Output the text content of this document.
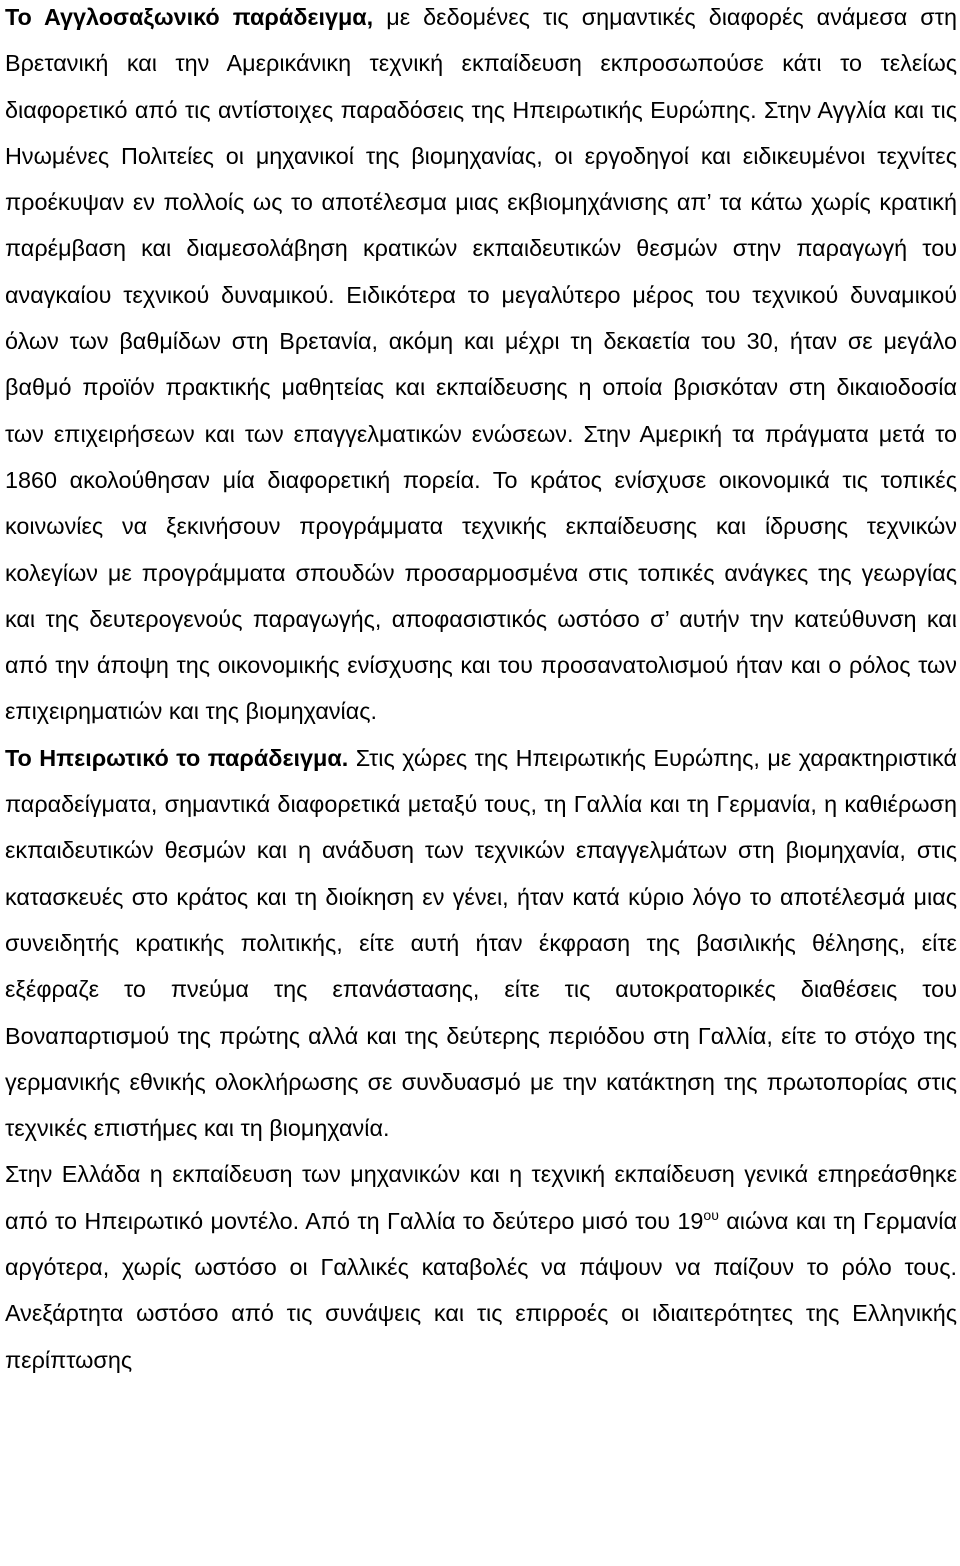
Το Αγγλοσαξωνικό παράδειγμα, με δεδομένες τις σημαντικές διαφορές ανάμεσα στη Βρετανική και την Αμερικάνικη τεχνική εκπαίδευση εκπροσωπούσε κάτι το τελείως διαφορετικό από τις αντίστοιχες παραδόσεις της Ηπειρωτικής Ευρώπης. Στην Αγγλία και τις Ηνωμένες Πολιτείες οι μηχανικοί της βιομηχανίας, οι εργοδηγοί και ειδικευμένοι τεχνίτες προέκυψαν εν πολλοίς ως το αποτέλεσμα μιας εκβιομηχάνισης απ’ τα κάτω χωρίς κρατική παρέμβαση και διαμεσολάβηση κρατικών εκπαιδευτικών θεσμών στην παραγωγή του αναγκαίου τεχνικού δυναμικού. Ειδικότερα το μεγαλύτερο μέρος του τεχνικού δυναμικού όλων των βαθμίδων στη Βρετανία, ακόμη και μέχρι τη δεκαετία του 30, ήταν σε μεγάλο βαθμό προϊόν πρακτικής μαθητείας και εκπαίδευσης η οποία βρισκόταν στη δικαιοδοσία των επιχειρήσεων και των επαγγελματικών ενώσεων. Στην Αμερική τα πράγματα μετά το 1860 ακολούθησαν μία διαφορετική πορεία. Το κράτος ενίσχυσε οικονομικά τις τοπικές κοινωνίες να ξεκινήσουν προγράμματα τεχνικής εκπαίδευσης και ίδρυσης τεχνικών κολεγίων με προγράμματα σπουδών προσαρμοσμένα στις τοπικές ανάγκες της γεωργίας και της δευτερογενούς παραγωγής, αποφασιστικός ωστόσο σ’ αυτήν την κατεύθυνση και από την άποψη της οικονομικής ενίσχυσης και του προσανατολισμού ήταν και ο ρόλος των επιχειρηματιών και της βιομηχανίας.

Το Ηπειρωτικό το παράδειγμα. Στις χώρες της Ηπειρωτικής Ευρώπης, με χαρακτηριστικά παραδείγματα, σημαντικά διαφορετικά μεταξύ τους, τη Γαλλία και τη Γερμανία, η καθιέρωση εκπαιδευτικών θεσμών και η ανάδυση των τεχνικών επαγγελμάτων στη βιομηχανία, στις κατασκευές στο κράτος και τη διοίκηση εν γένει, ήταν κατά κύριο λόγο το αποτέλεσμά μιας συνειδητής κρατικής πολιτικής, είτε αυτή ήταν έκφραση της βασιλικής θέλησης, είτε εξέφραζε το πνεύμα της επανάστασης, είτε τις αυτοκρατορικές διαθέσεις του Βοναπαρτισμού της πρώτης αλλά και της δεύτερης περιόδου στη Γαλλία, είτε το στόχο της γερμανικής εθνικής ολοκλήρωσης σε συνδυασμό με την κατάκτηση της πρωτοπορίας στις τεχνικές επιστήμες και τη βιομηχανία.

Στην Ελλάδα η εκπαίδευση των μηχανικών και η τεχνική εκπαίδευση γενικά επηρεάσθηκε από το Ηπειρωτικό μοντέλο. Από τη Γαλλία το δεύτερο μισό του $19^{o\upsilon}$ αιώνα και τη Γερμανία αργότερα, χωρίς ωστόσο οι Γαλλικές καταβολές να πάψουν να παίζουν το ρόλο τους. Ανεξάρτητα ωστόσο από τις συνάψεις και τις επιρροές οι ιδιαιτερότητες της Ελληνικής περίπτωσης
